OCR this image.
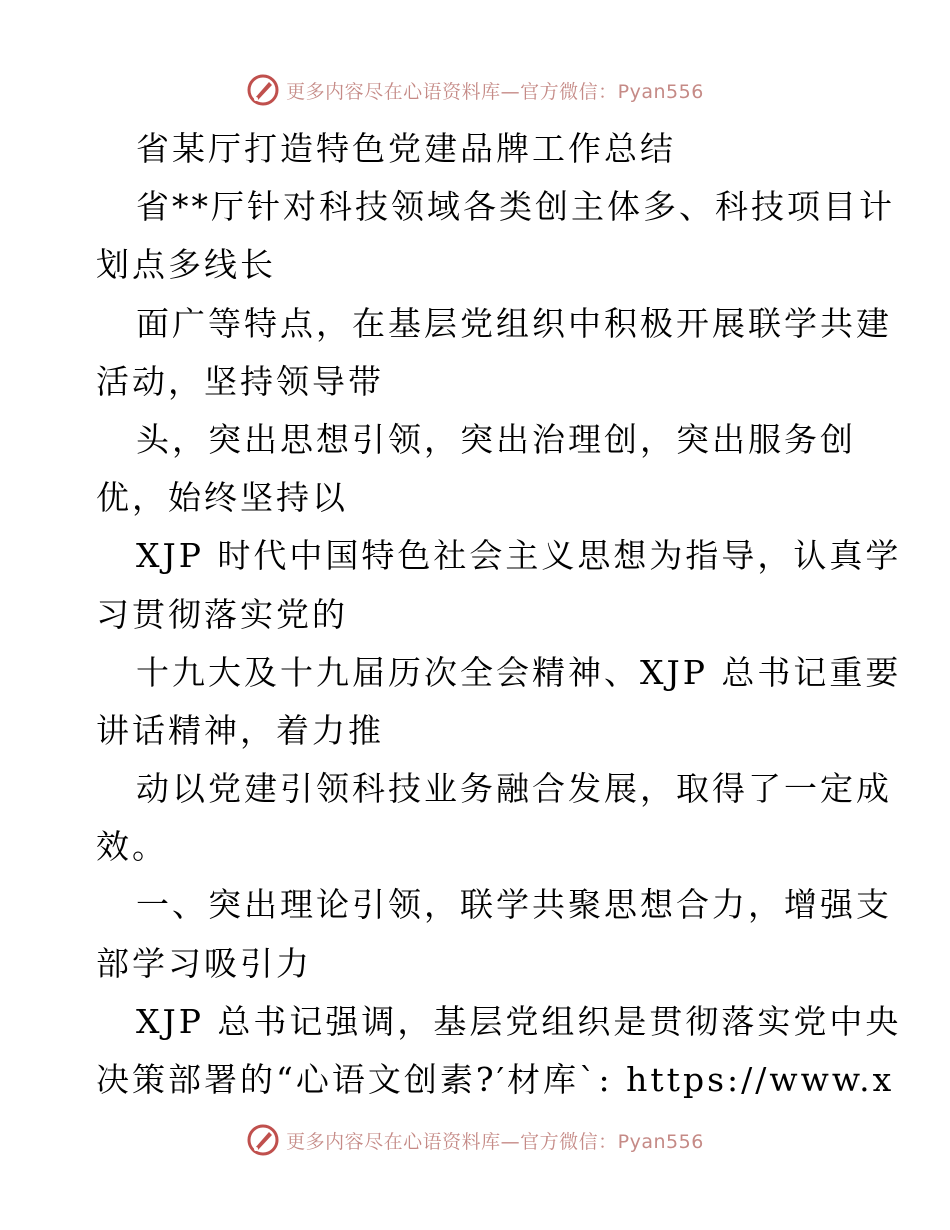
更多内容尽在心语资料库—官方微信：Pyan556
省某厅打造特色党建品牌工作总结
省**厅针对科技领域各类创主体多、科技项目计
划点多线长
面广等特点，在基层党组织中积极开展联学共建
活动，坚持领导带
头，突出思想引领，突出治理创，突出服务创
优，始终坚持以
XJP 时代中国特色社会主义思想为指导，认真学
习贯彻落实党的
十九大及十九届历次全会精神、XJP 总书记重要
讲话精神，着力推
动以党建引领科技业务融合发展，取得了一定成
效。
一、突出理论引领，联学共聚思想合力，增强支
部学习吸引力
XJP 总书记强调，基层党组织是贯彻落实党中央
决策部署的“心语文创素?′材库`: https://www.x
更多内容尽在心语资料库—官方微信：Pyan556
